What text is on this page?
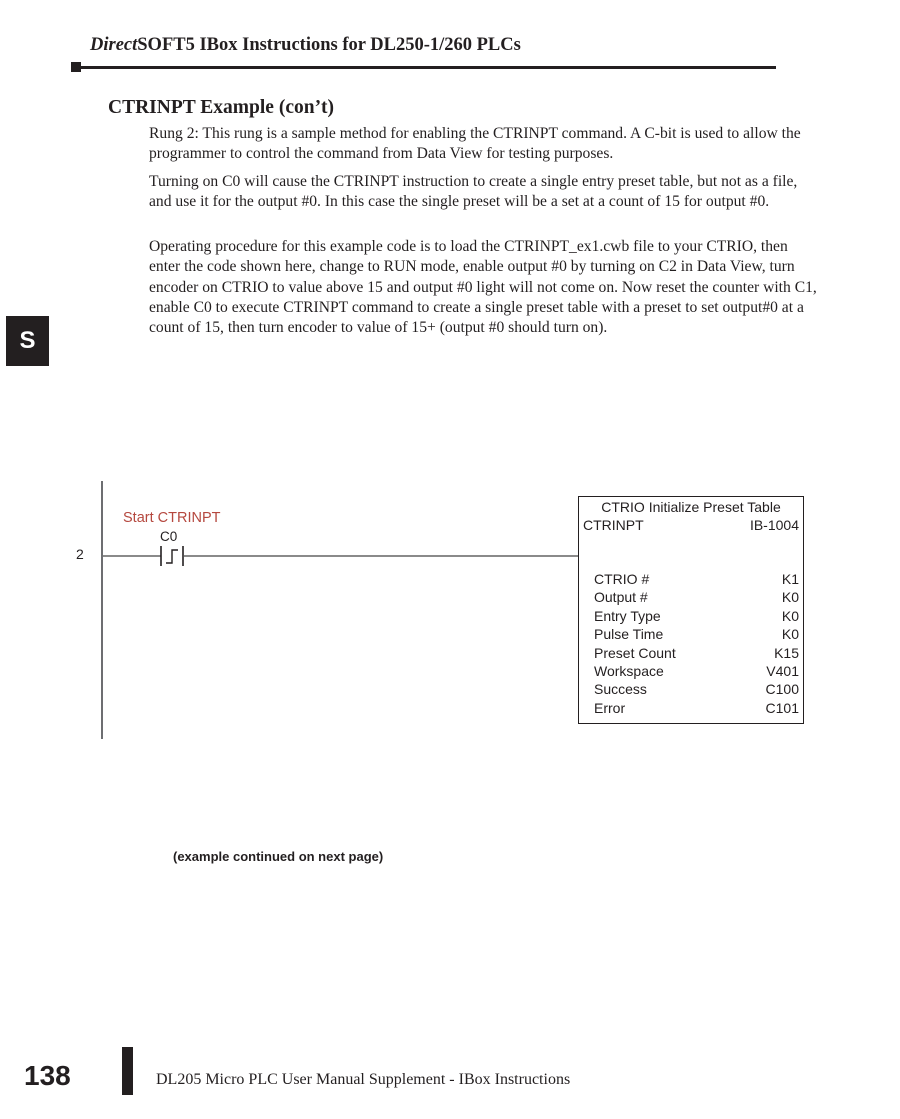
DirectSOFT5 IBox Instructions for DL250-1/260 PLCs
CTRINPT Example (con’t)
Rung 2: This rung is a sample method for enabling the CTRINPT command. A C-bit is used to allow the programmer to control the command from Data View for testing purposes.
Turning on C0 will cause the CTRINPT instruction to create a single entry preset table, but not as a file, and use it for the output #0. In this case the single preset will be a set at a count of 15 for output #0.
Operating procedure for this example code is to load the CTRINPT_ex1.cwb file to your CTRIO, then enter the code shown here, change to RUN mode, enable output #0 by turning on C2 in Data View, turn encoder on CTRIO to value above 15 and output #0 light will not come on. Now reset the counter with C1, enable C0 to execute CTRINPT command to create a single preset table with a preset to set output#0 at a count of 15, then turn encoder to value of 15+ (output #0 should turn on).
S
2
Start CTRINPT
C0
CTRIO Initialize Preset Table
CTRINPT	IB-1004
CTRIO #	K1
Output #	K0
Entry Type	K0
Pulse Time	K0
Preset Count	K15
Workspace	V401
Success	C100
Error	C101
(example continued on next page)
138	DL205 Micro PLC User Manual Supplement - IBox Instructions
